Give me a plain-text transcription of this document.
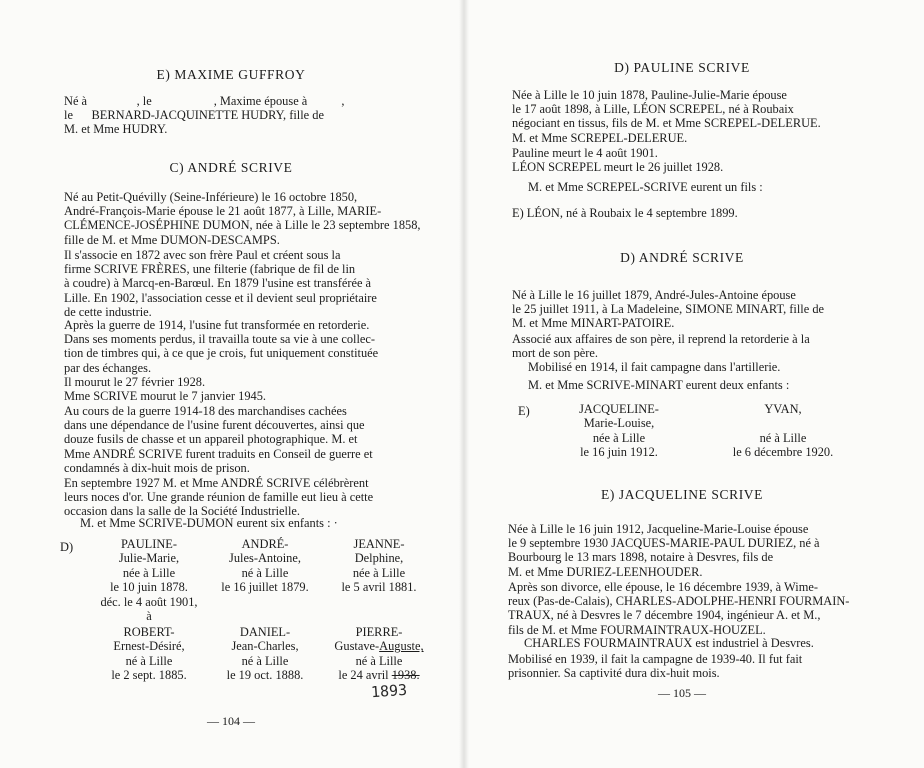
E) MAXIME GUFFROY
Né à                , le                    , Maxime épouse à           ,
le      BERNARD-JACQUINETTE HUDRY, fille de
M. et Mme HUDRY.
C) ANDRÉ SCRIVE
Né au Petit-Quévilly (Seine-Inférieure) le 16 octobre 1850,
André-François-Marie épouse le 21 août 1877, à Lille, MARIE-
CLÉMENCE-JOSÉPHINE DUMON, née à Lille le 23 septembre 1858,
fille de M. et Mme DUMON-DESCAMPS.
Il s'associe en 1872 avec son frère Paul et créent sous la
firme SCRIVE FRÈRES, une filterie (fabrique de fil de lin
à coudre) à Marcq-en-Barœul. En 1879 l'usine est transférée à
Lille. En 1902, l'association cesse et il devient seul propriétaire
de cette industrie.
Après la guerre de 1914, l'usine fut transformée en retorderie.
Dans ses moments perdus, il travailla toute sa vie à une collec-
tion de timbres qui, à ce que je crois, fut uniquement constituée
par des échanges.
Il mourut le 27 février 1928.
Mme SCRIVE mourut le 7 janvier 1945.
Au cours de la guerre 1914-18 des marchandises cachées
dans une dépendance de l'usine furent découvertes, ainsi que
douze fusils de chasse et un appareil photographique. M. et
Mme ANDRÉ SCRIVE furent traduits en Conseil de guerre et
condamnés à dix-huit mois de prison.
En septembre 1927 M. et Mme ANDRÉ SCRIVE célébrèrent
leurs noces d'or. Une grande réunion de famille eut lieu à cette
occasion dans la salle de la Société Industrielle.
M. et Mme SCRIVE-DUMON eurent six enfants : ·
D)	PAULINE-
Julie-Marie,
née à Lille
le 10 juin 1878.
déc. le 4 août 1901,
à
ANDRÉ-
Jules-Antoine,
né à Lille
le 16 juillet 1879.
JEANNE-
Delphine,
née à Lille
le 5 avril 1881.
ROBERT-
Ernest-Désiré,
né à Lille
le 2 sept. 1885.
DANIEL-
Jean-Charles,
né à Lille
le 19 oct. 1888.
PIERRE-
Gustave-Auguste,
né à Lille
le 24 avril 1938.
1893
— 104 —
D) PAULINE SCRIVE
Née à Lille le 10 juin 1878, Pauline-Julie-Marie épouse
le 17 août 1898, à Lille, LÉON SCREPEL, né à Roubaix
négociant en tissus, fils de M. et Mme SCREPEL-DELERUE.
M. et Mme SCREPEL-DELERUE.
Pauline meurt le 4 août 1901.
LÉON SCREPEL meurt le 26 juillet 1928.
M. et Mme SCREPEL-SCRIVE eurent un fils :
E) LÉON, né à Roubaix le 4 septembre 1899.
D) ANDRÉ SCRIVE
Né à Lille le 16 juillet 1879, André-Jules-Antoine épouse
le 25 juillet 1911, à La Madeleine, SIMONE MINART, fille de
M. et Mme MINART-PATOIRE.
Associé aux affaires de son père, il reprend la retorderie à la
mort de son père.
Mobilisé en 1914, il fait campagne dans l'artillerie.
M. et Mme SCRIVE-MINART eurent deux enfants :
E)	JACQUELINE-
Marie-Louise,
née à Lille
le 16 juin 1912.
YVAN,
né à Lille
le 6 décembre 1920.
E) JACQUELINE SCRIVE
Née à Lille le 16 juin 1912, Jacqueline-Marie-Louise épouse
le 9 septembre 1930 JACQUES-MARIE-PAUL DURIEZ, né à
Bourbourg le 13 mars 1898, notaire à Desvres, fils de
M. et Mme DURIEZ-LEENHOUDER.
Après son divorce, elle épouse, le 16 décembre 1939, à Wime-
reux (Pas-de-Calais), CHARLES-ADOLPHE-HENRI FOURMAIN-
TRAUX, né à Desvres le 7 décembre 1904, ingénieur A. et M.,
fils de M. et Mme FOURMAINTRAUX-HOUZEL.
CHARLES FOURMAINTRAUX est industriel à Desvres.
Mobilisé en 1939, il fait la campagne de 1939-40. Il fut fait
prisonnier. Sa captivité dura dix-huit mois.
— 105 —
